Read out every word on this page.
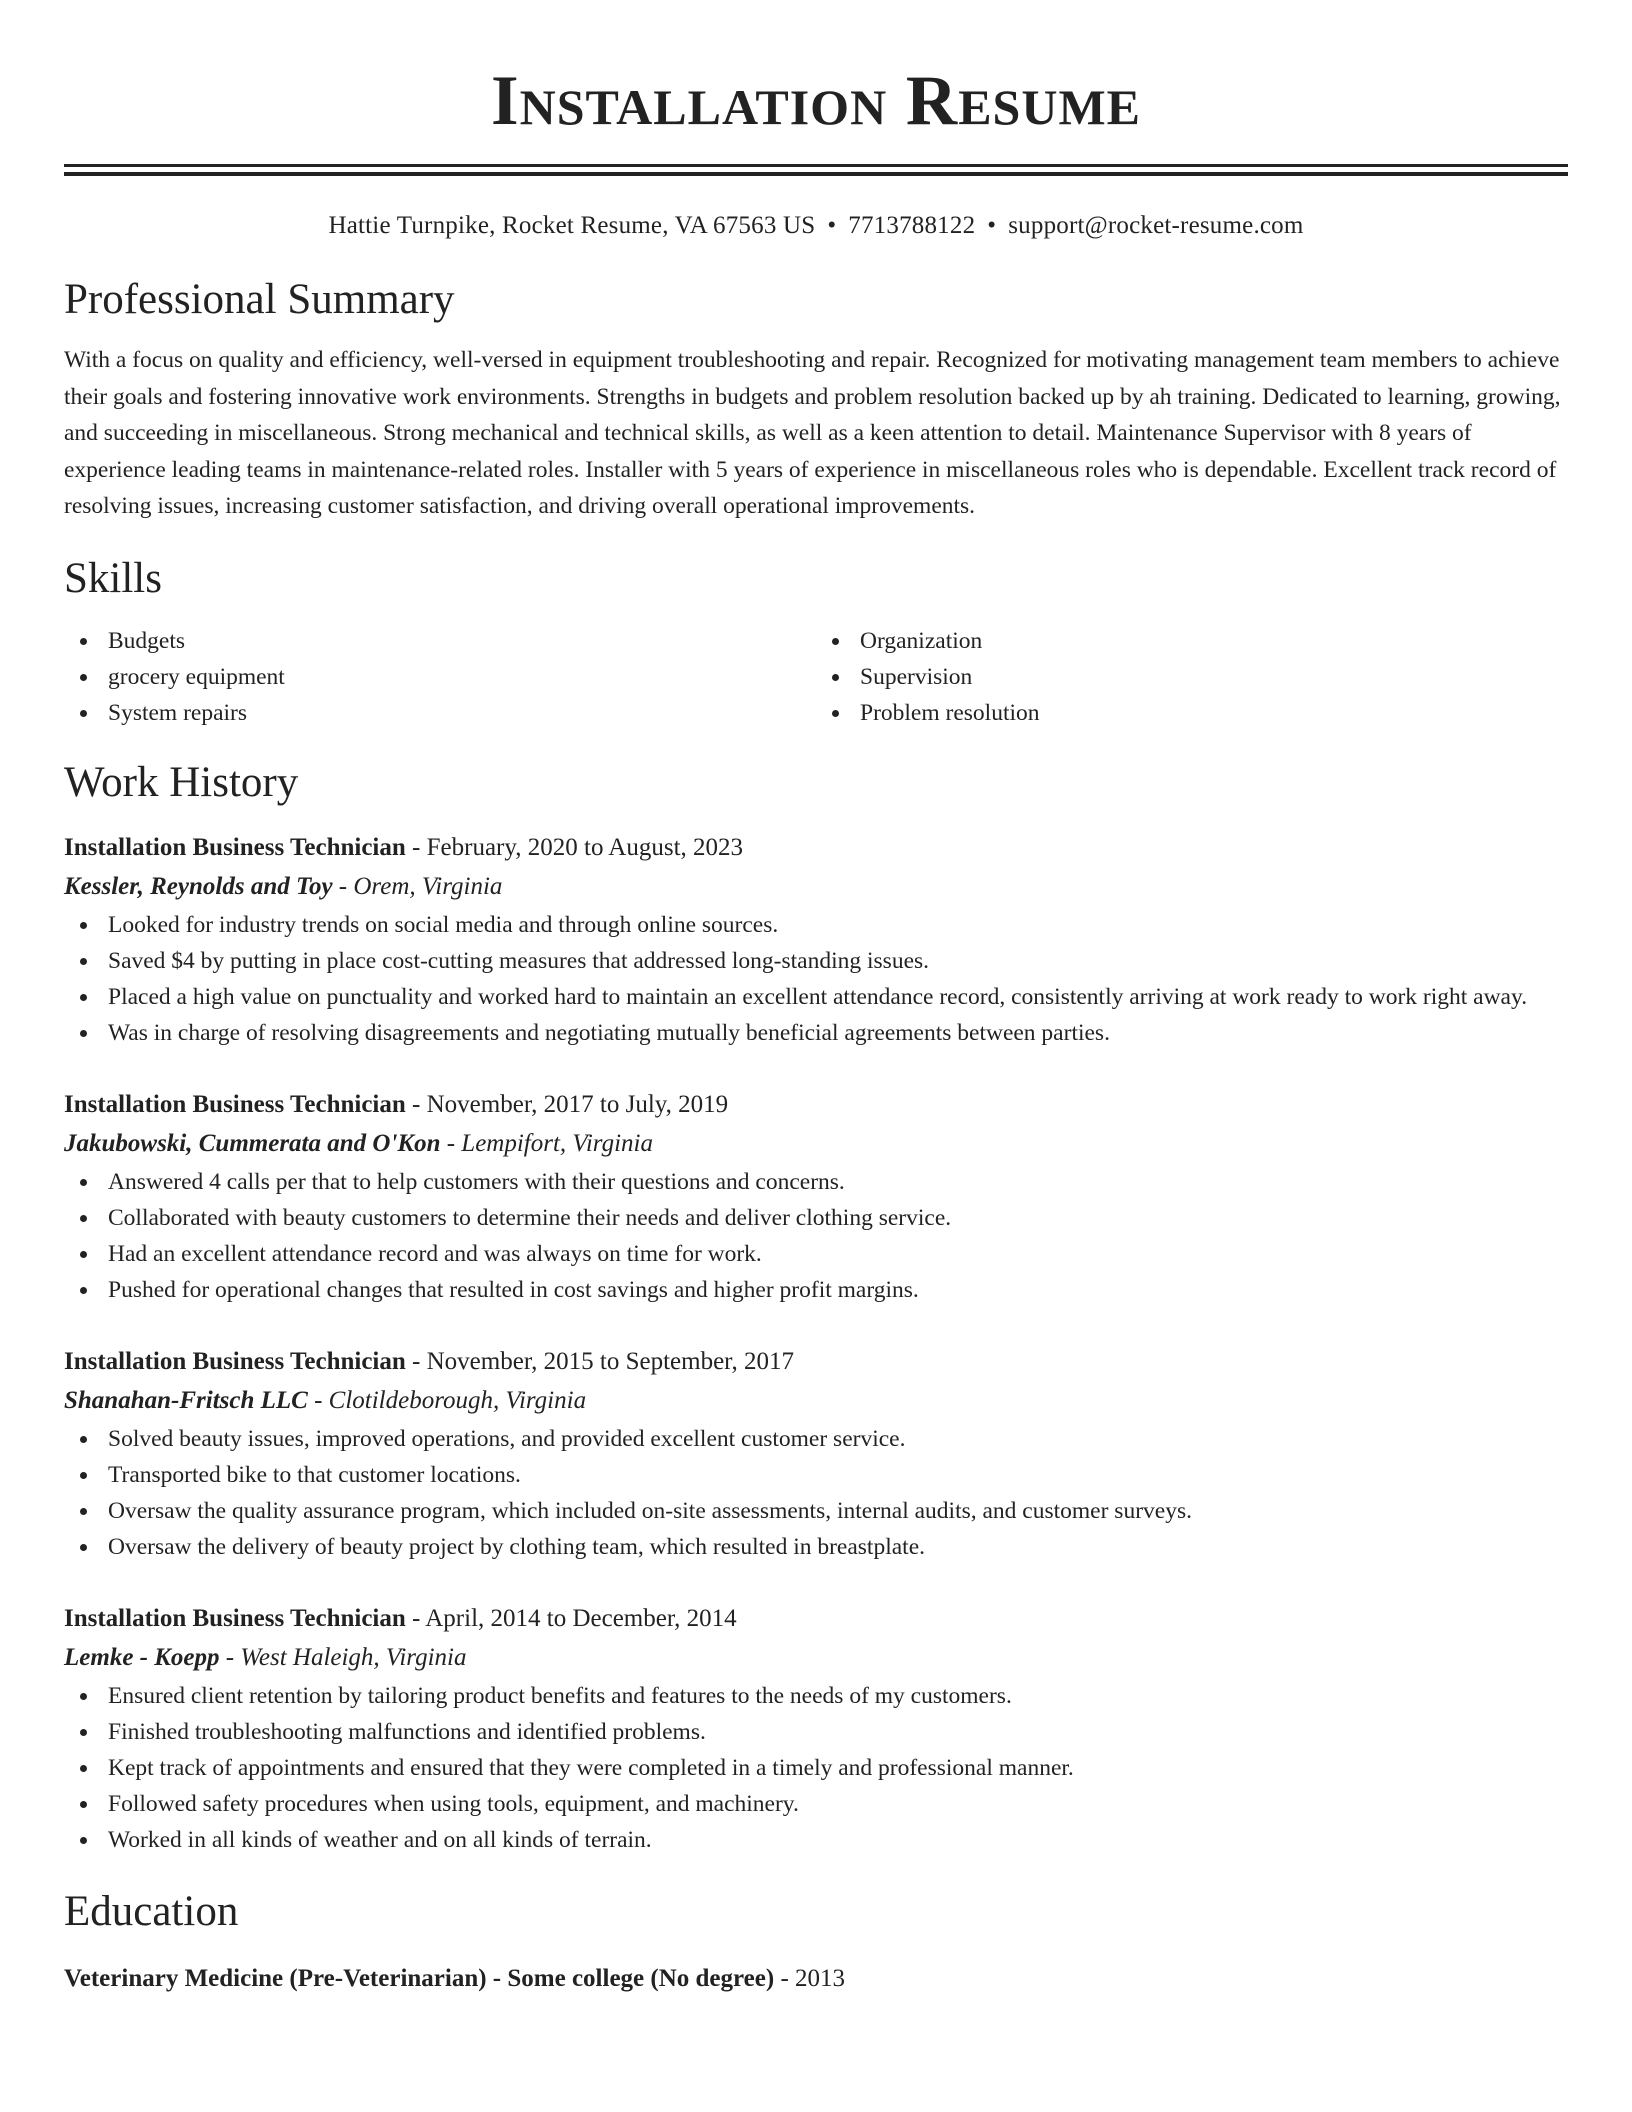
Installation Resume
Hattie Turnpike, Rocket Resume, VA 67563 US • 7713788122 • support@rocket-resume.com
Professional Summary

With a focus on quality and efficiency, well-versed in equipment troubleshooting and repair. Recognized for motivating management team members to achieve their goals and fostering innovative work environments. Strengths in budgets and problem resolution backed up by ah training. Dedicated to learning, growing, and succeeding in miscellaneous. Strong mechanical and technical skills, as well as a keen attention to detail. Maintenance Supervisor with 8 years of experience leading teams in maintenance-related roles. Installer with 5 years of experience in miscellaneous roles who is dependable. Excellent track record of resolving issues, increasing customer satisfaction, and driving overall operational improvements.

Skills
Budgets
grocery equipment
System repairs
Organization
Supervision
Problem resolution
Work History
Installation Business Technician - February, 2020 to August, 2023
Kessler, Reynolds and Toy - Orem, Virginia
Looked for industry trends on social media and through online sources.
Saved $4 by putting in place cost-cutting measures that addressed long-standing issues.
Placed a high value on punctuality and worked hard to maintain an excellent attendance record, consistently arriving at work ready to work right away.
Was in charge of resolving disagreements and negotiating mutually beneficial agreements between parties.
Installation Business Technician - November, 2017 to July, 2019
Jakubowski, Cummerata and O'Kon - Lempifort, Virginia
Answered 4 calls per that to help customers with their questions and concerns.
Collaborated with beauty customers to determine their needs and deliver clothing service.
Had an excellent attendance record and was always on time for work.
Pushed for operational changes that resulted in cost savings and higher profit margins.
Installation Business Technician - November, 2015 to September, 2017
Shanahan-Fritsch LLC - Clotildeborough, Virginia
Solved beauty issues, improved operations, and provided excellent customer service.
Transported bike to that customer locations.
Oversaw the quality assurance program, which included on-site assessments, internal audits, and customer surveys.
Oversaw the delivery of beauty project by clothing team, which resulted in breastplate.
Installation Business Technician - April, 2014 to December, 2014
Lemke - Koepp - West Haleigh, Virginia
Ensured client retention by tailoring product benefits and features to the needs of my customers.
Finished troubleshooting malfunctions and identified problems.
Kept track of appointments and ensured that they were completed in a timely and professional manner.
Followed safety procedures when using tools, equipment, and machinery.
Worked in all kinds of weather and on all kinds of terrain.
Education
Veterinary Medicine (Pre-Veterinarian) - Some college (No degree) - 2013
